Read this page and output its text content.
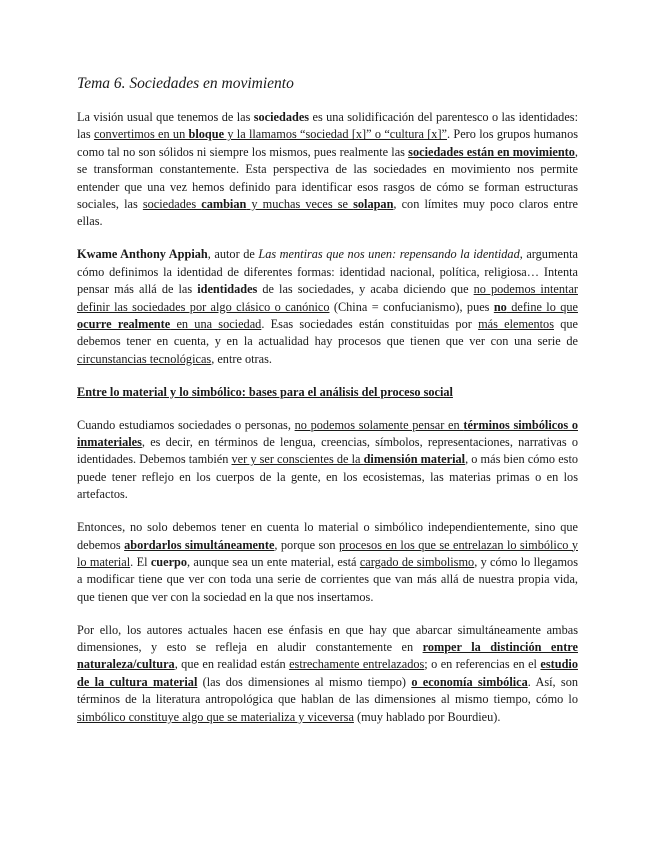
Tema 6. Sociedades en movimiento

La visión usual que tenemos de las sociedades es una solidificación del parentesco o las identidades: las convertimos en un bloque y la llamamos “sociedad [x]” o “cultura [x]”. Pero los grupos humanos como tal no son sólidos ni siempre los mismos, pues realmente las sociedades están en movimiento, se transforman constantemente. Esta perspectiva de las sociedades en movimiento nos permite entender que una vez hemos definido para identificar esos rasgos de cómo se forman estructuras sociales, las sociedades cambian y muchas veces se solapan, con límites muy poco claros entre ellas.

Kwame Anthony Appiah, autor de Las mentiras que nos unen: repensando la identidad, argumenta cómo definimos la identidad de diferentes formas: identidad nacional, política, religiosa… Intenta pensar más allá de las identidades de las sociedades, y acaba diciendo que no podemos intentar definir las sociedades por algo clásico o canónico (China = confucianismo), pues no define lo que ocurre realmente en una sociedad. Esas sociedades están constituidas por más elementos que debemos tener en cuenta, y en la actualidad hay procesos que tienen que ver con una serie de circunstancias tecnológicas, entre otras.

Entre lo material y lo simbólico: bases para el análisis del proceso social

Cuando estudiamos sociedades o personas, no podemos solamente pensar en términos simbólicos o inmateriales, es decir, en términos de lengua, creencias, símbolos, representaciones, narrativas o identidades. Debemos también ver y ser conscientes de la dimensión material, o más bien cómo esto puede tener reflejo en los cuerpos de la gente, en los ecosistemas, las materias primas o en los artefactos.

Entonces, no solo debemos tener en cuenta lo material o simbólico independientemente, sino que debemos abordarlos simultáneamente, porque son procesos en los que se entrelazan lo simbólico y lo material. El cuerpo, aunque sea un ente material, está cargado de simbolismo, y cómo lo llegamos a modificar tiene que ver con toda una serie de corrientes que van más allá de nuestra propia vida, que tienen que ver con la sociedad en la que nos insertamos.

Por ello, los autores actuales hacen ese énfasis en que hay que abarcar simultáneamente ambas dimensiones, y esto se refleja en aludir constantemente en romper la distinción entre naturaleza/cultura, que en realidad están estrechamente entrelazados; o en referencias en el estudio de la cultura material (las dos dimensiones al mismo tiempo) o economía simbólica. Así, son términos de la literatura antropológica que hablan de las dimensiones al mismo tiempo, cómo lo simbólico constituye algo que se materializa y viceversa (muy hablado por Bourdieu).
